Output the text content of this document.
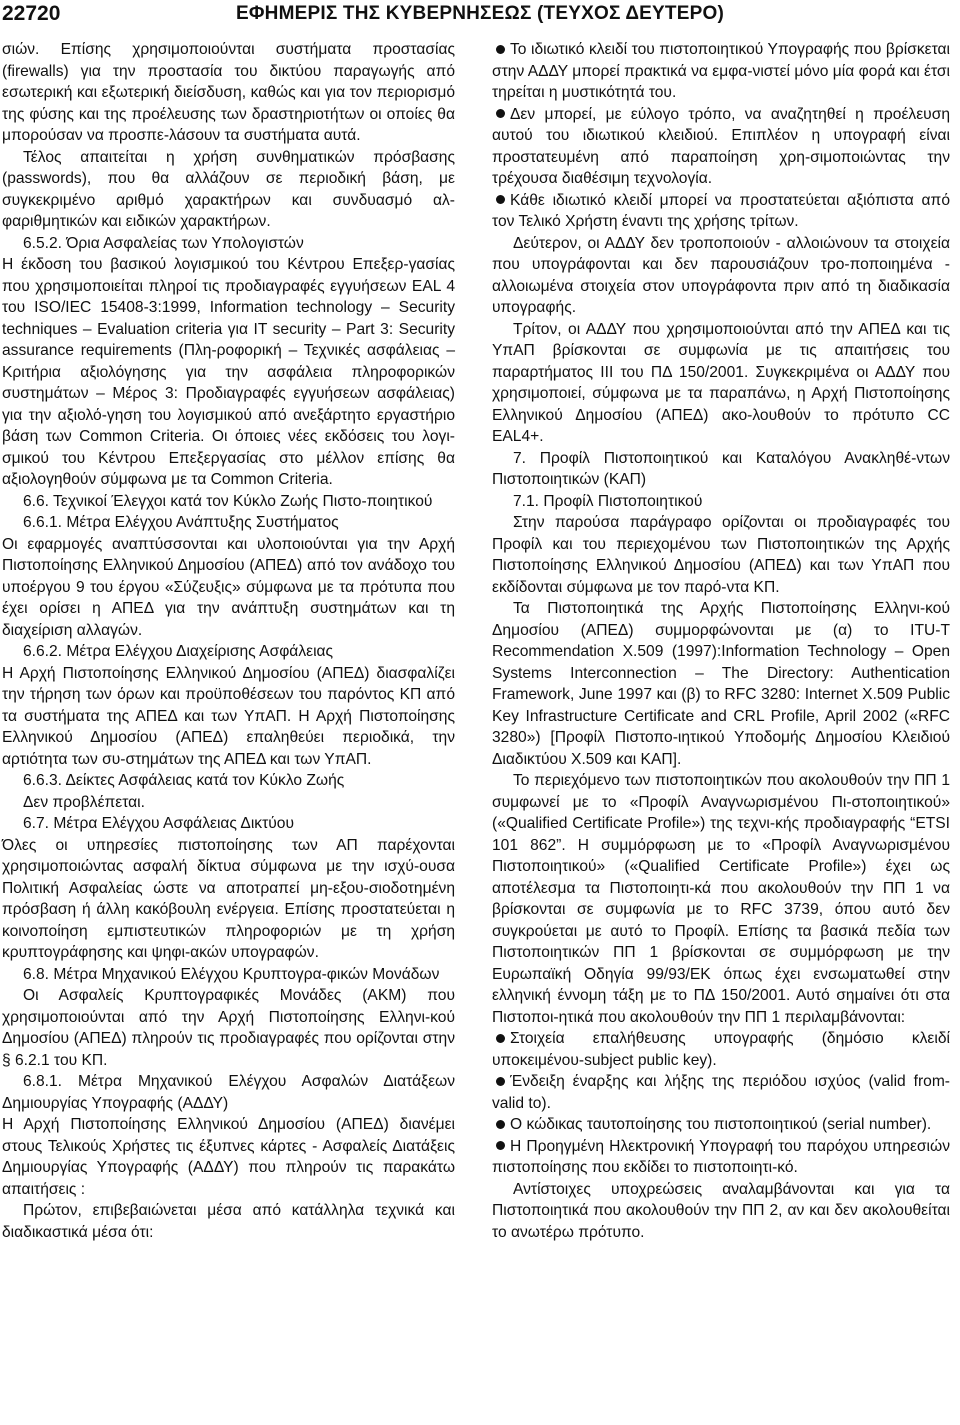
22720	ΕΦΗΜΕΡΙΣ ΤΗΣ ΚΥΒΕΡΝΗΣΕΩΣ (ΤΕΥΧΟΣ ΔΕΥΤΕΡΟ)

σιών. Επίσης χρησιμοποιούνται συστήματα προστασίας (firewalls) για την προστασία του δικτύου παραγωγής από εσωτερική και εξωτερική διείσδυση, καθώς και για τον περιορισμό της φύσης και της προέλευσης των δραστηριοτήτων οι οποίες θα μπορούσαν να προσπε-λάσουν τα συστήματα αυτά.

Τέλος απαιτείται η χρήση συνθηματικών πρόσβασης (passwords), που θα αλλάζουν σε περιοδική βάση, με συγκεκριμένο αριθμό χαρακτήρων και συνδυασμό αλ-φαριθμητικών και ειδικών χαρακτήρων.

6.5.2. Όρια Ασφαλείας των Υπολογιστών

Η έκδοση του βασικού λογισμικού του Κέντρου Επεξερ-γασίας που χρησιμοποιείται πληροί τις προδιαγραφές εγγυήσεων EAL 4 του ISO/IEC 15408-3:1999, Information technology – Security techniques – Evaluation criteria για IT security – Part 3: Security assurance requirements (Πλη-ροφορική – Τεχνικές ασφάλειας – Κριτήρια αξιολόγησης για την ασφάλεια πληροφορικών συστημάτων – Μέρος 3: Προδιαγραφές εγγυήσεων ασφάλειας) για την αξιολό-γηση του λογισμικού από ανεξάρτητο εργαστήριο βάση των Common Criteria. Οι όποιες νέες εκδόσεις του λογι-σμικού του Κέντρου Επεξεργασίας στο μέλλον επίσης θα αξιολογηθούν σύμφωνα με τα Common Criteria.

6.6. Τεχνικοί Έλεγχοι κατά τον Κύκλο Ζωής Πιστο-ποιητικού

6.6.1. Μέτρα Ελέγχου Ανάπτυξης Συστήματος

Οι εφαρμογές αναπτύσσονται και υλοποιούνται για την Αρχή Πιστοποίησης Ελληνικού Δημοσίου (ΑΠΕΔ) από τον ανάδοχο του υποέργου 9 του έργου «Σύζευξις» σύμφωνα με τα πρότυπα που έχει ορίσει η ΑΠΕΔ για την ανάπτυξη συστημάτων και τη διαχείριση αλλαγών.

6.6.2. Μέτρα Ελέγχου Διαχείρισης Ασφάλειας

Η Αρχή Πιστοποίησης Ελληνικού Δημοσίου (ΑΠΕΔ) διασφαλίζει την τήρηση των όρων και προϋποθέσεων του παρόντος ΚΠ από τα συστήματα της ΑΠΕΔ και των ΥπΑΠ. Η Αρχή Πιστοποίησης Ελληνικού Δημοσίου (ΑΠΕΔ) επαληθεύει περιοδικά, την αρτιότητα των συ-στημάτων της ΑΠΕΔ και των ΥπΑΠ.

6.6.3. Δείκτες Ασφάλειας κατά τον Κύκλο Ζωής

Δεν προβλέπεται.

6.7. Μέτρα Ελέγχου Ασφάλειας Δικτύου

Όλες οι υπηρεσίες πιστοποίησης των ΑΠ παρέχονται χρησιμοποιώντας ασφαλή δίκτυα σύμφωνα με την ισχύ-ουσα Πολιτική Ασφαλείας ώστε να αποτραπεί μη-εξου-σιοδοτημένη πρόσβαση ή άλλη κακόβουλη ενέργεια. Επίσης προστατεύεται η κοινοποίηση εμπιστευτικών πληροφοριών με τη χρήση κρυπτογράφησης και ψηφι-ακών υπογραφών.

6.8. Μέτρα Μηχανικού Ελέγχου Κρυπτογρα-φικών Μονάδων

Οι Ασφαλείς Κρυπτογραφικές Μονάδες (ΑΚΜ) που χρησιμοποιούνται από την Αρχή Πιστοποίησης Ελληνι-κού Δημοσίου (ΑΠΕΔ) πληρούν τις προδιαγραφές που ορίζονται στην § 6.2.1 του ΚΠ.

6.8.1. Μέτρα Μηχανικού Ελέγχου Ασφαλών Διατάξεων Δημιουργίας Υπογραφής (ΑΔΔΥ)

Η Αρχή Πιστοποίησης Ελληνικού Δημοσίου (ΑΠΕΔ) διανέμει στους Τελικούς Χρήστες τις έξυπνες κάρτες - Ασφαλείς Διατάξεις Δημιουργίας Υπογραφής (ΑΔΔΥ) που πληρούν τις παρακάτω απαιτήσεις :

Πρώτον, επιβεβαιώνεται μέσα από κατάλληλα τεχνικά και διαδικαστικά μέσα ότι:

Το ιδιωτικό κλειδί του πιστοποιητικού Υπογραφής που βρίσκεται στην ΑΔΔΥ μπορεί πρακτικά να εμφα-νιστεί μόνο μία φορά και έτσι τηρείται η μυστικότητά του.

Δεν μπορεί, με εύλογο τρόπο, να αναζητηθεί η προέλευση αυτού του ιδιωτικού κλειδιού. Επιπλέον η υπογραφή είναι προστατευμένη από παραποίηση χρη-σιμοποιώντας την τρέχουσα διαθέσιμη τεχνολογία.

Κάθε ιδιωτικό κλειδί μπορεί να προστατεύεται αξιόπιστα από τον Τελικό Χρήστη έναντι της χρήσης τρίτων.

Δεύτερον, οι ΑΔΔΥ δεν τροποποιούν - αλλοιώνουν τα στοιχεία που υπογράφονται και δεν παρουσιάζουν τρο-ποποιημένα - αλλοιωμένα στοιχεία στον υπογράφοντα πριν από τη διαδικασία υπογραφής.

Τρίτον, οι ΑΔΔΥ που χρησιμοποιούνται από την ΑΠΕΔ και τις ΥπΑΠ βρίσκονται σε συμφωνία με τις απαιτήσεις του παραρτήματος ΙΙΙ του ΠΔ 150/2001. Συγκεκριμένα οι ΑΔΔΥ που χρησιμοποιεί, σύμφωνα με τα παραπάνω, η Αρχή Πιστοποίησης Ελληνικού Δημοσίου (ΑΠΕΔ) ακο-λουθούν το πρότυπο CC EAL4+.

7. Προφίλ Πιστοποιητικού και Καταλόγου Ανακληθέ-ντων Πιστοποιητικών (ΚΑΠ)

7.1. Προφίλ Πιστοποιητικού

Στην παρούσα παράγραφο ορίζονται οι προδιαγραφές του Προφίλ και του περιεχομένου των Πιστοποιητικών της Αρχής Πιστοποίησης Ελληνικού Δημοσίου (ΑΠΕΔ) και των ΥπΑΠ που εκδίδονται σύμφωνα με τον παρό-ντα ΚΠ.

Τα Πιστοποιητικά της Αρχής Πιστοποίησης Ελληνι-κού Δημοσίου (ΑΠΕΔ) συμμορφώνονται με (α) το ITU-T Recommendation X.509 (1997):Information Technology – Open Systems Interconnection – The Directory: Authentication Framework, June 1997 και (β) το RFC 3280: Internet X.509 Public Key Infrastructure Certificate and CRL Profile, April 2002 («RFC 3280») [Προφίλ Πιστοπο-ιητικού Υποδομής Δημοσίου Κλειδιού Διαδικτύου Χ.509 και ΚΑΠ].

Το περιεχόμενο των πιστοποιητικών που ακολουθούν την ΠΠ 1 συμφωνεί με το «Προφίλ Αναγνωρισμένου Πι-στοποιητικού» («Qualified Certificate Profile») της τεχνι-κής προδιαγραφής “ETSI 101 862”. Η συμμόρφωση με το «Προφίλ Αναγνωρισμένου Πιστοποιητικού» («Qualified Certificate Profile») έχει ως αποτέλεσμα τα Πιστοποιητι-κά που ακολουθούν την ΠΠ 1 να βρίσκονται σε συμφωνία με το RFC 3739, όπου αυτό δεν συγκρούεται με αυτό το Προφίλ. Επίσης τα βασικά πεδία των Πιστοποιητικών ΠΠ 1 βρίσκονται σε συμμόρφωση με την Ευρωπαϊκή Οδηγία 99/93/ΕΚ όπως έχει ενσωματωθεί στην ελληνική έννομη τάξη με το ΠΔ 150/2001. Αυτό σημαίνει ότι στα Πιστοποι-ητικά που ακολουθούν την ΠΠ 1 περιλαμβάνονται:

Στοιχεία επαλήθευσης υπογραφής (δημόσιο κλειδί υποκειμένου-subject public key).

Ένδειξη έναρξης και λήξης της περιόδου ισχύος (valid from-valid to).

Ο κώδικας ταυτοποίησης του πιστοποιητικού (serial number).

Η Προηγμένη Ηλεκτρονική Υπογραφή του παρόχου υπηρεσιών πιστοποίησης που εκδίδει το πιστοποιητι-κό.

Αντίστοιχες υποχρεώσεις αναλαμβάνονται και για τα Πιστοποιητικά που ακολουθούν την ΠΠ 2, αν και δεν ακολουθείται το ανωτέρω πρότυπο.
